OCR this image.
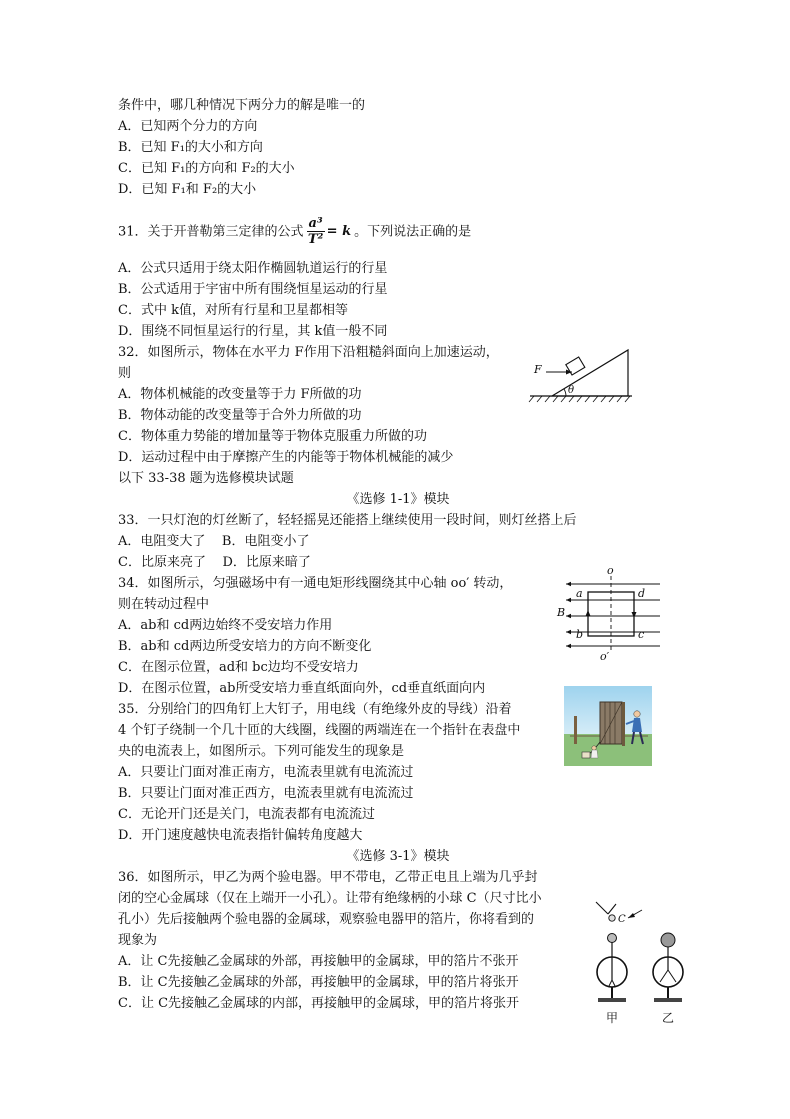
条件中，哪几种情况下两分力的解是唯一的
A．已知两个分力的方向
B．已知 F₁的大小和方向
C．已知 F₁的方向和 F₂的大小
D．已知 F₁和 F₂的大小
31．关于开普勒第三定律的公式 $\frac{\text{a³}}{\text{T²}} = k$ 。下列说法正确的是
A．公式只适用于绕太阳作椭圆轨道运行的行星
B．公式适用于宇宙中所有围绕恒星运动的行星
C．式中 k值，对所有行星和卫星都相等
D．围绕不同恒星运行的行星，其 k值一般不同
32．如图所示，物体在水平力 F作用下沿粗糙斜面向上加速运动，
则
A．物体机械能的改变量等于力 F所做的功
B．物体动能的改变量等于合外力所做的功
C．物体重力势能的增加量等于物体克服重力所做的功
D．运动过程中由于摩擦产生的内能等于物体机械能的减少
以下 33-38 题为选修模块试题
《选修 1-1》模块
33．一只灯泡的灯丝断了，轻轻摇晃还能搭上继续使用一段时间，则灯丝搭上后
A．电阻变大了    B．电阻变小了
C．比原来亮了    D．比原来暗了
34．如图所示，匀强磁场中有一通电矩形线圈绕其中心轴 oo′ 转动，
则在转动过程中
A．ab和 cd两边始终不受安培力作用
B．ab和 cd两边所受安培力的方向不断变化
C．在图示位置，ad和 bc边均不受安培力
D．在图示位置，ab所受安培力垂直纸面向外，cd垂直纸面向内
35．分别给门的四角钉上大钉子，用电线（有绝缘外皮的导线）沿着
4 个钉子绕制一个几十匝的大线圈，线圈的两端连在一个指针在表盘中
央的电流表上，如图所示。下列可能发生的现象是
A．只要让门面对准正南方，电流表里就有电流流过
B．只要让门面对准正西方，电流表里就有电流流过
C．无论开门还是关门，电流表都有电流流过
D．开门速度越快电流表指针偏转角度越大
《选修 3-1》模块
36．如图所示，甲乙为两个验电器。甲不带电，乙带正电且上端为几乎封
闭的空心金属球（仅在上端开一小孔）。让带有绝缘柄的小球 C（尺寸比小
孔小）先后接触两个验电器的金属球，观察验电器甲的箔片，你将看到的
现象为
A．让 C先接触乙金属球的外部，再接触甲的金属球，甲的箔片不张开
B．让 C先接触乙金属球的外部，再接触甲的金属球，甲的箔片将张开
C．让 C先接触乙金属球的内部，再接触甲的金属球，甲的箔片将张开
F
θ
o
o′
a
b	c
d
B
C
甲	乙
